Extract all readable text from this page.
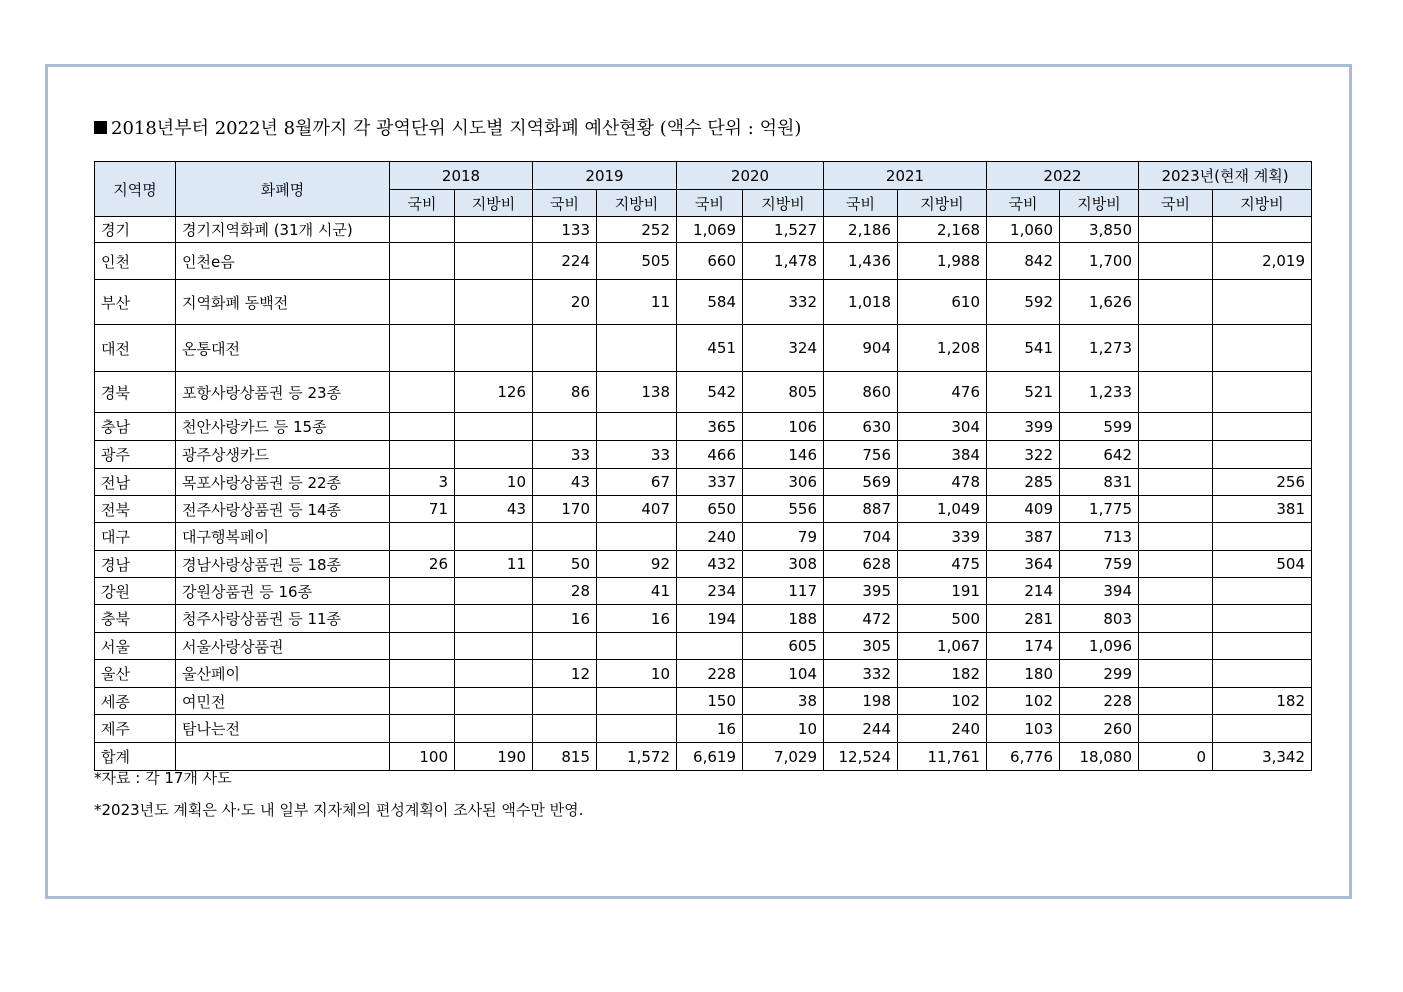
2018년부터 2022년 8월까지 각 광역단위 시도별 지역화폐 예산현황 (액수 단위 : 억원)
지역명	화폐명	2018		2019		2020		2021		2022		2023년(현재 계획)	
		국비	지방비	국비	지방비	국비	지방비	국비	지방비	국비	지방비	국비	지방비
경기	경기지역화폐 (31개 시군)			133	252	1,069	1,527	2,186	2,168	1,060	3,850		
인천	인천e음			224	505	660	1,478	1,436	1,988	842	1,700		2,019
부산	지역화폐 동백전			20	11	584	332	1,018	610	592	1,626		
대전	온통대전					451	324	904	1,208	541	1,273		
경북	포항사랑상품권 등 23종		126	86	138	542	805	860	476	521	1,233		
충남	천안사랑카드 등 15종					365	106	630	304	399	599		
광주	광주상생카드			33	33	466	146	756	384	322	642		
전남	목포사랑상품권 등 22종	3	10	43	67	337	306	569	478	285	831		256
전북	전주사랑상품권 등 14종	71	43	170	407	650	556	887	1,049	409	1,775		381
대구	대구행복페이					240	79	704	339	387	713		
경남	경남사랑상품권 등 18종	26	11	50	92	432	308	628	475	364	759		504
강원	강원상품권 등 16종			28	41	234	117	395	191	214	394		
충북	청주사랑상품권 등 11종			16	16	194	188	472	500	281	803		
서울	서울사랑상품권						605	305	1,067	174	1,096		
울산	울산페이			12	10	228	104	332	182	180	299		
세종	여민전					150	38	198	102	102	228		182
제주	탐나는전					16	10	244	240	103	260		
합계		100	190	815	1,572	6,619	7,029	12,524	11,761	6,776	18,080	0	3,342
*자료 : 각 17개 사도
*2023년도 계획은 사·도 내 일부 지자체의 편성계획이 조사된 액수만 반영.
